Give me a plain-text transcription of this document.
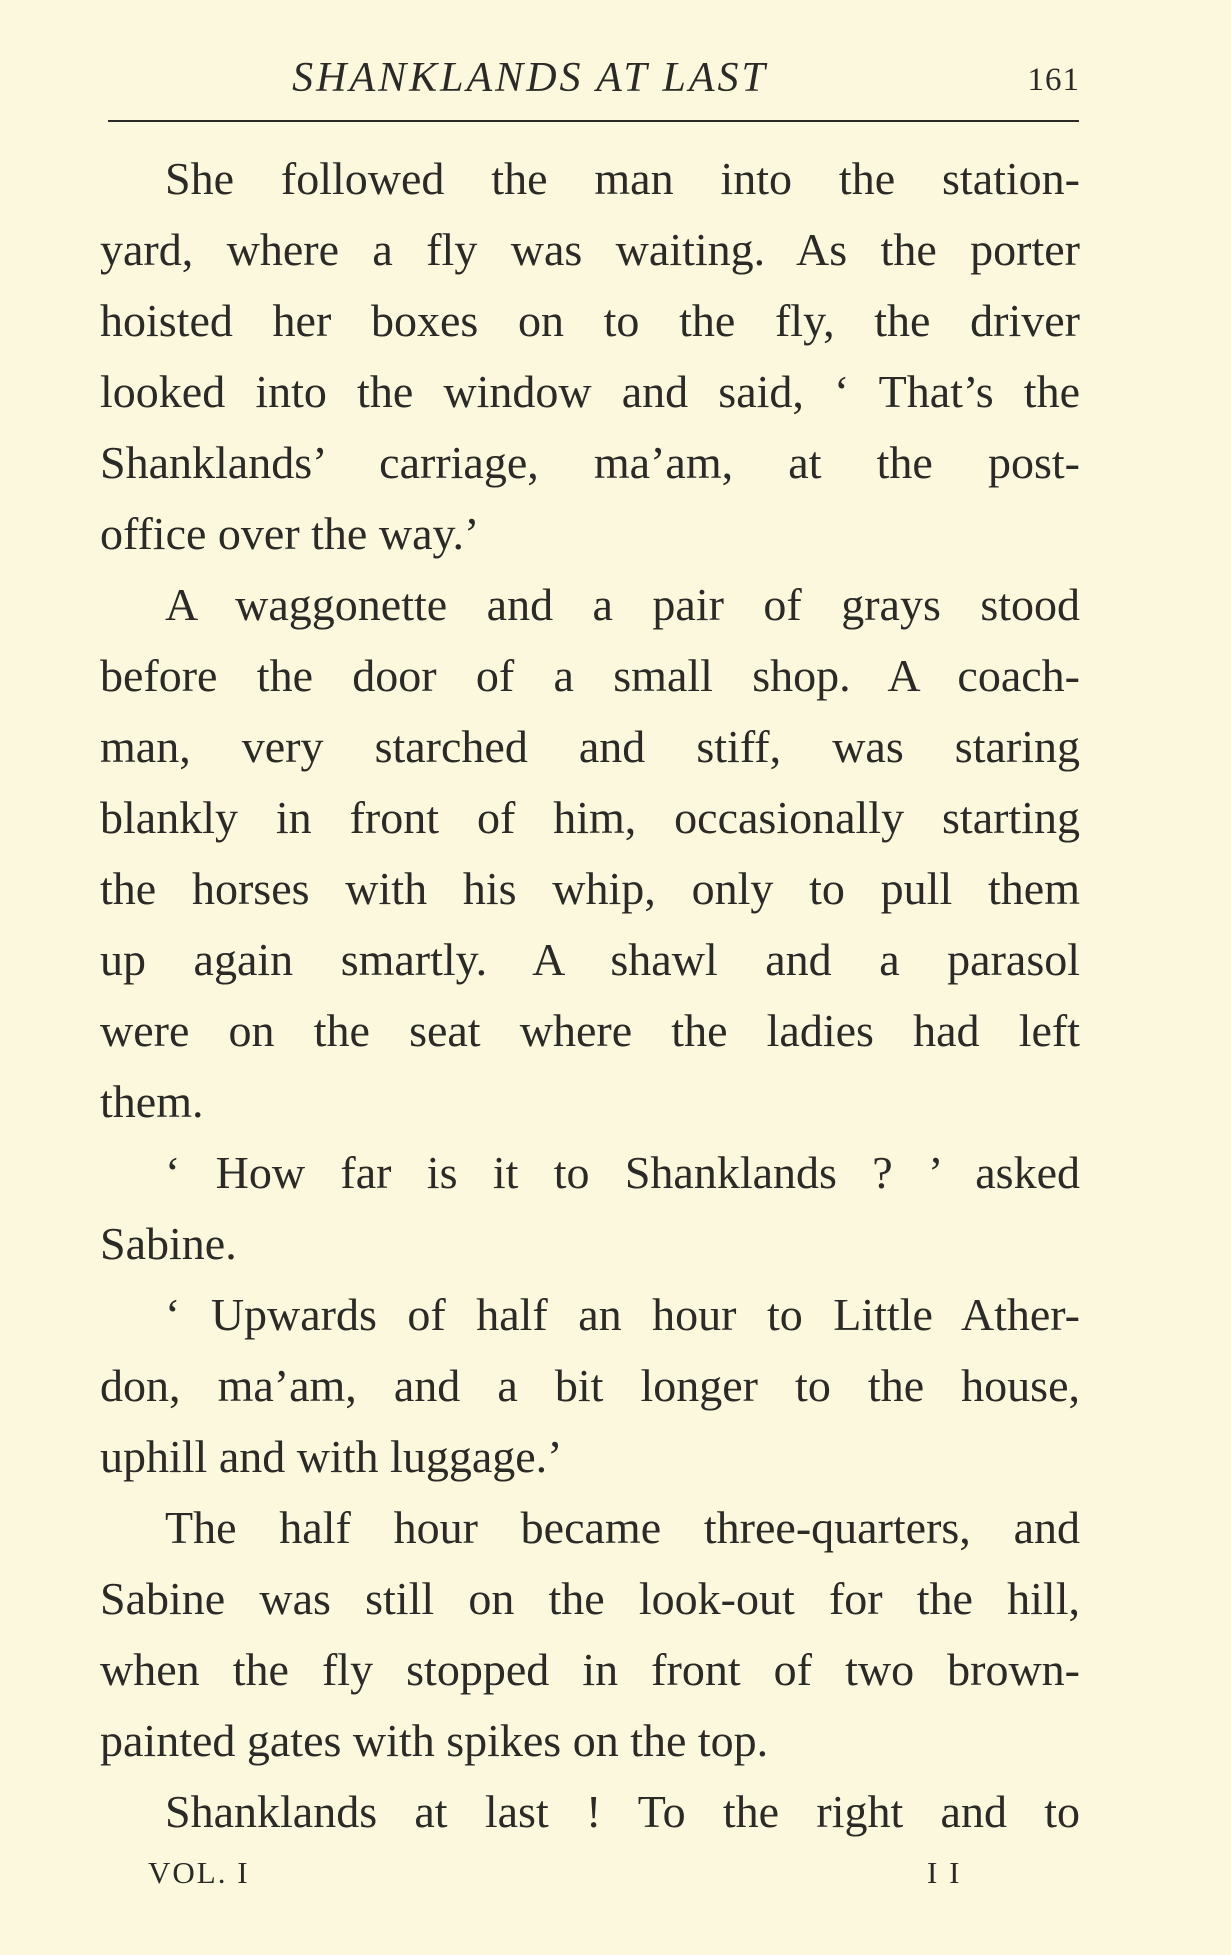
SHANKLANDS AT LAST	161
She followed the man into the station-
yard, where a fly was waiting. As the porter
hoisted her boxes on to the fly, the driver
looked into the window and said, ‘ That’s the
Shanklands’ carriage, ma’am, at the post-
office over the way.’
A waggonette and a pair of grays stood
before the door of a small shop. A coach-
man, very starched and stiff, was staring
blankly in front of him, occasionally starting
the horses with his whip, only to pull them
up again smartly. A shawl and a parasol
were on the seat where the ladies had left
them.
‘ How far is it to Shanklands ? ’ asked
Sabine.
‘ Upwards of half an hour to Little Ather-
don, ma’am, and a bit longer to the house,
uphill and with luggage.’
The half hour became three-quarters, and
Sabine was still on the look-out for the hill,
when the fly stopped in front of two brown-
painted gates with spikes on the top.
Shanklands at last ! To the right and to
VOL. I	I I
